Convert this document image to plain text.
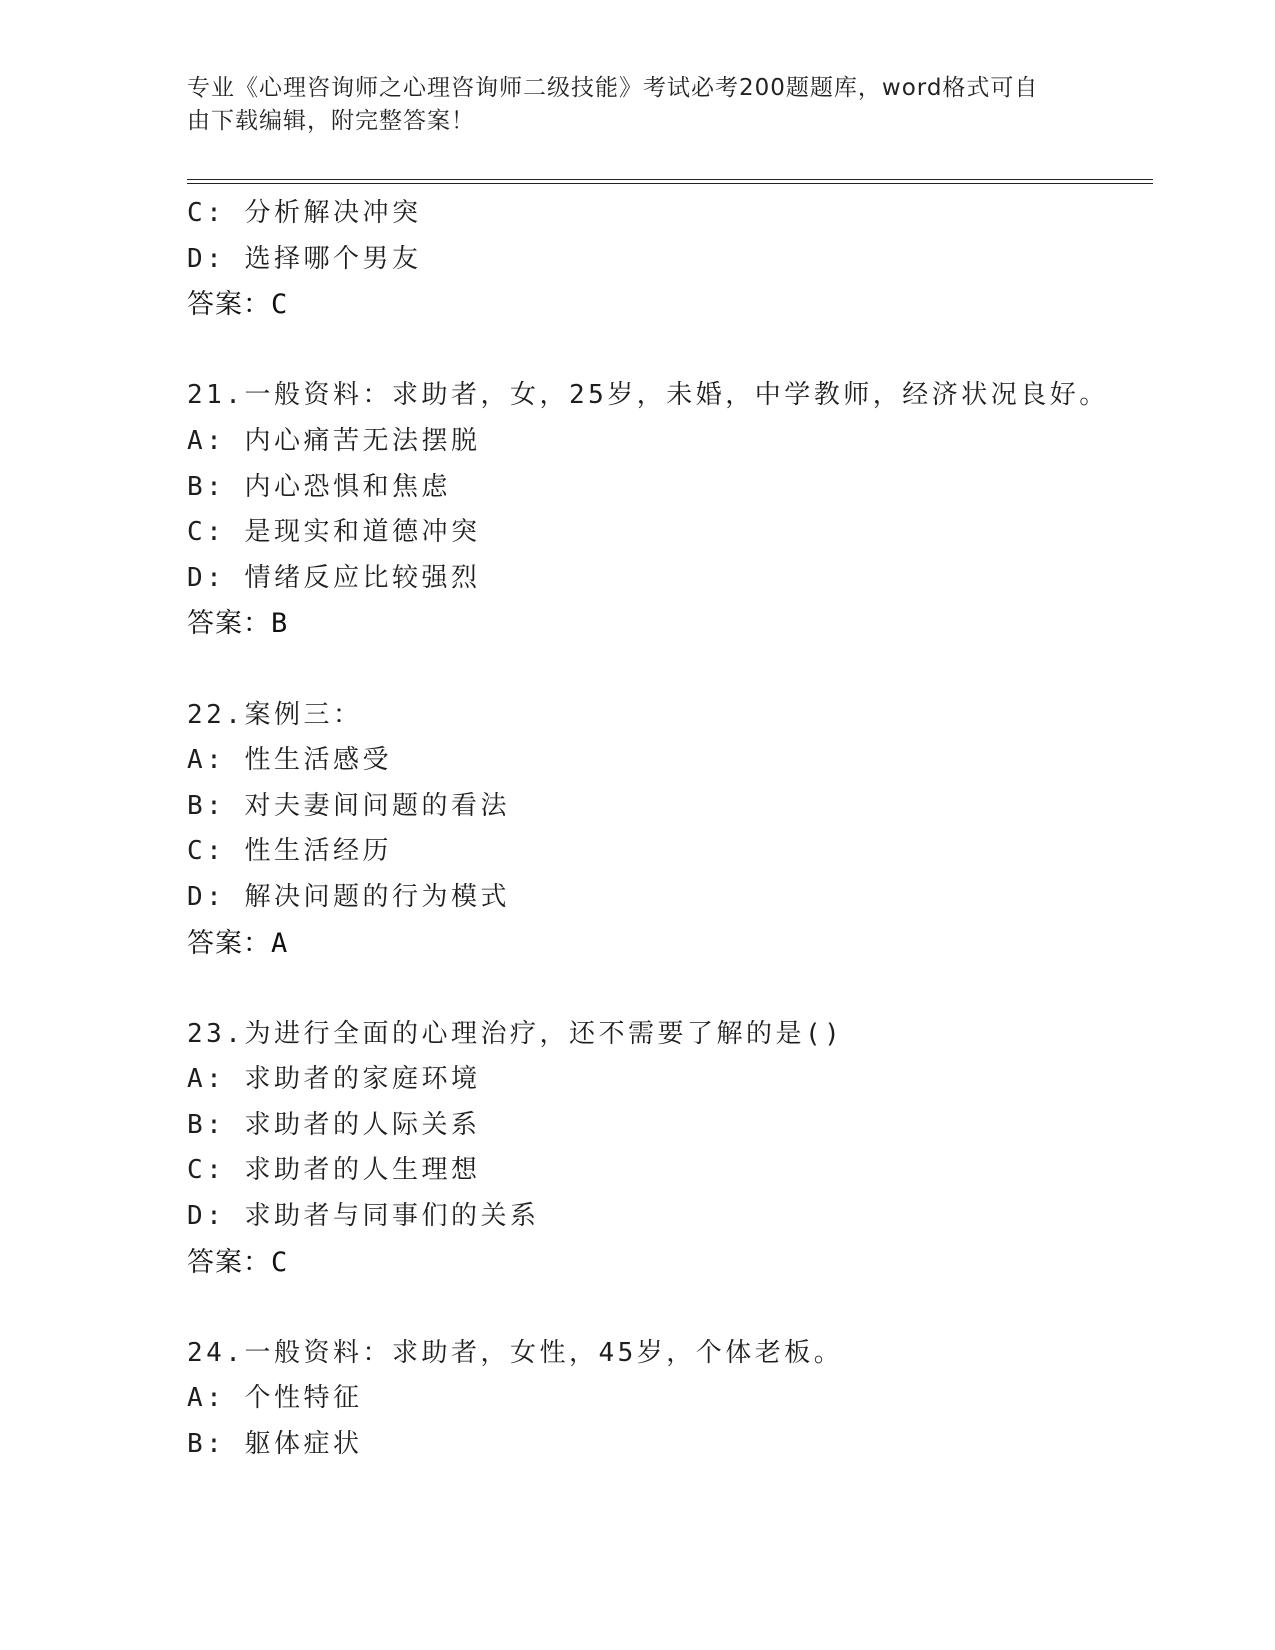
专业《心理咨询师之心理咨询师二级技能》考试必考200题题库，word格式可自
由下载编辑，附完整答案！
C: 分析解决冲突
D: 选择哪个男友
答案：C
21.一般资料：求助者，女，25岁，未婚，中学教师，经济状况良好。
A: 内心痛苦无法摆脱
B: 内心恐惧和焦虑
C: 是现实和道德冲突
D: 情绪反应比较强烈
答案：B
22.案例三：
A: 性生活感受
B: 对夫妻间问题的看法
C: 性生活经历
D: 解决问题的行为模式
答案：A
23.为进行全面的心理治疗，还不需要了解的是()
A: 求助者的家庭环境
B: 求助者的人际关系
C: 求助者的人生理想
D: 求助者与同事们的关系
答案：C
24.一般资料：求助者，女性，45岁，个体老板。
A: 个性特征
B: 躯体症状
